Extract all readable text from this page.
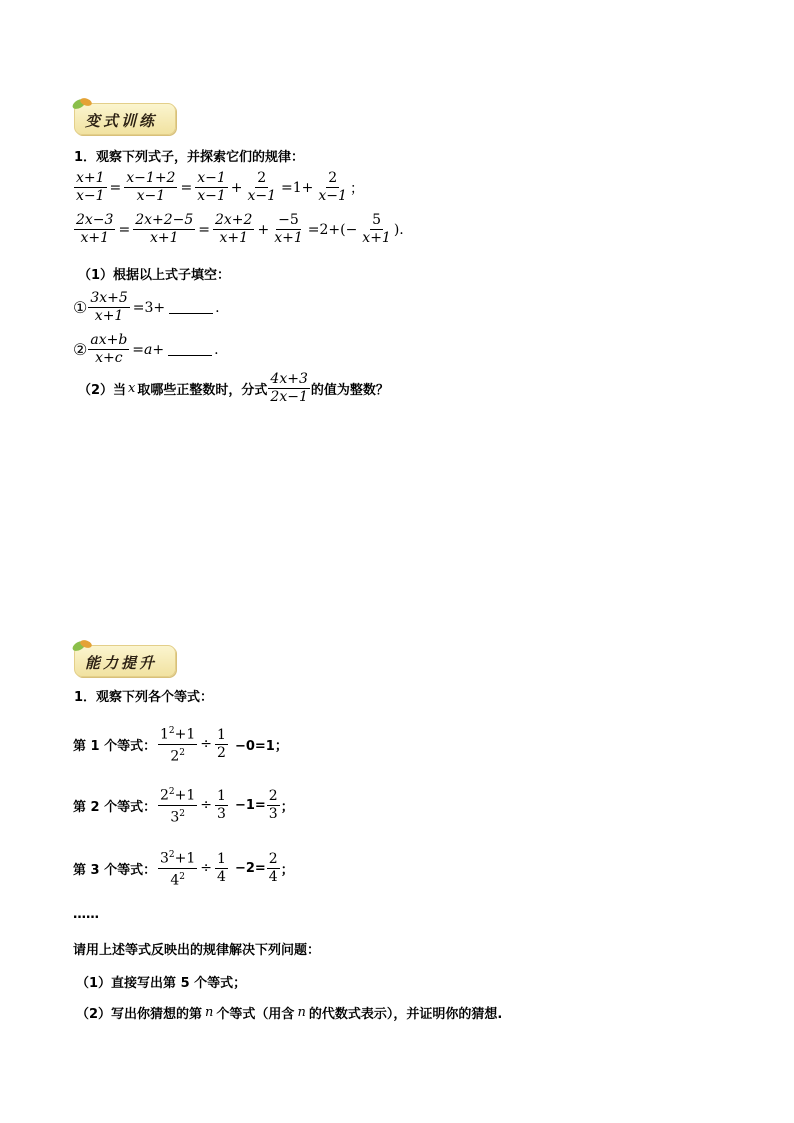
变式训练
1．观察下列式子，并探索它们的规律：
$\frac{x+1}{x-1} = \frac{x-1+2}{x-1} = \frac{x-1}{x-1} + \frac{2}{x-1} =1+ \frac{2}{x-1}$ ；
$\frac{2x-3}{x+1} = \frac{2x+2-5}{x+1} = \frac{2x+2}{x+1} + \frac{-5}{x+1} =2+(- \frac{5}{x+1}$ ).
（1）根据以上式子填空：
① $\frac{3x+5}{x+1} =3+$	.
② $\frac{ax+b}{x+c} =a+$	.
（2）当 x 取哪些正整数时，分式 $\frac{4x+3}{2x-1}$ 的值为整数？
能力提升
1．观察下列各个等式：
第 1 个等式： $\frac{1^2+1}{2^2} \div \frac{1}{2} -0=1$；
第 2 个等式： $\frac{2^2+1}{3^2} \div \frac{1}{3} -1= \frac{2}{3}$ ；
第 3 个等式： $\frac{3^2+1}{4^2} \div \frac{1}{4} -2= \frac{2}{4}$ ；
……
请用上述等式反映出的规律解决下列问题：
（1）直接写出第 5 个等式；
（2）写出你猜想的第 n 个等式（用含 n 的代数式表示），并证明你的猜想.
